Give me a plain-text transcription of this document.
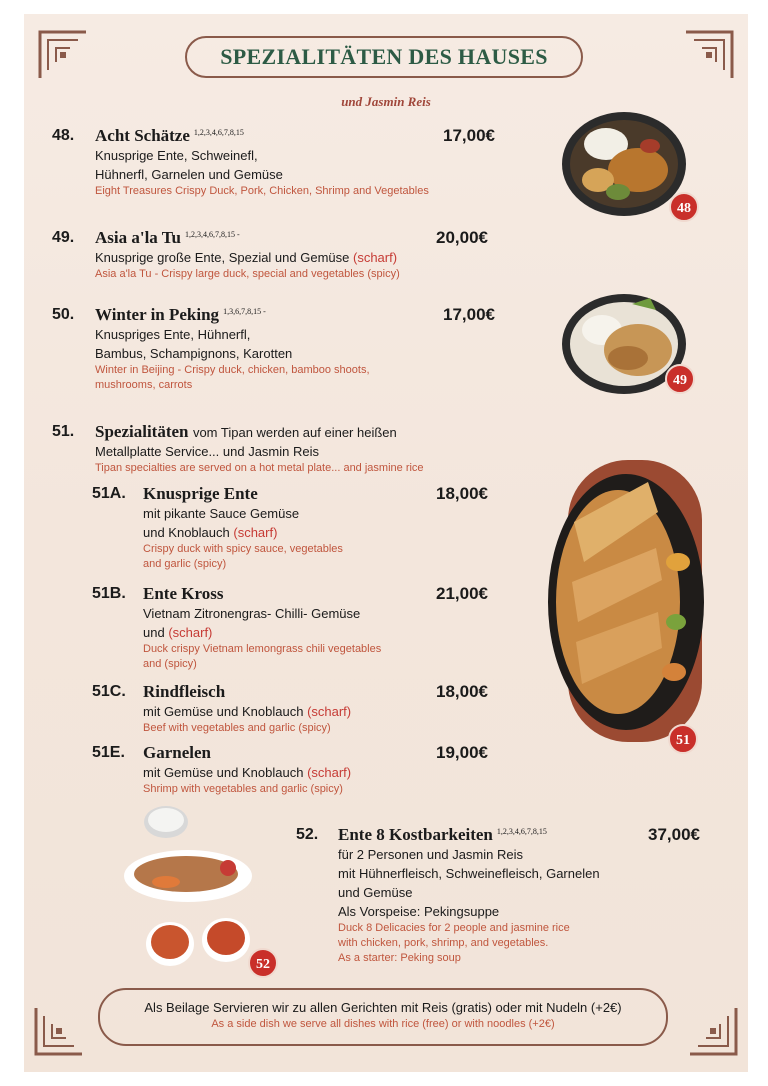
SPEZIALITÄTEN DES HAUSES
und Jasmin Reis
48. Acht Schätze $^{1,2,3,4,6,7,8,15}$
Knusprige Ente, Schweinefl,
Hühnerfl, Garnelen und Gemüse
Eight Treasures Crispy Duck, Pork, Chicken, Shrimp and Vegetables
17,00€
49. Asia a'la Tu $^{1,2,3,4,6,7,8,15 -}$
Knusprige große Ente, Spezial und Gemüse (scharf)
Asia a'la Tu - Crispy large duck, special and vegetables (spicy)
20,00€
50. Winter in Peking $^{1,3,6,7,8,15 -}$
Knuspriges Ente, Hühnerfl,
Bambus, Schampignons, Karotten
Winter in Beijing - Crispy duck, chicken, bamboo shoots,
mushrooms, carrots
17,00€
51. Spezialitäten vom Tipan werden auf einer heißen
Metallplatte Service... und Jasmin Reis
Tipan specialties are served on a hot metal plate... and jasmine rice
51A. Knusprige Ente
mit pikante Sauce Gemüse
und Knoblauch (scharf)
Crispy duck with spicy sauce, vegetables
and garlic (spicy)
18,00€
51B. Ente Kross
Vietnam Zitronengras- Chilli- Gemüse
und (scharf)
Duck crispy Vietnam lemongrass chili vegetables
and (spicy)
21,00€
51C. Rindfleisch
mit Gemüse und Knoblauch (scharf)
Beef with vegetables and garlic (spicy)
18,00€
51E. Garnelen
mit Gemüse und Knoblauch (scharf)
Shrimp with vegetables and garlic (spicy)
19,00€
52. Ente 8 Kostbarkeiten $^{1,2,3,4,6,7,8,15}$
für 2 Personen und Jasmin Reis
mit Hühnerfleisch, Schweinefleisch, Garnelen
und Gemüse
Als Vorspeise: Pekingsuppe
Duck 8 Delicacies for 2 people and jasmine rice
with chicken, pork, shrimp, and vegetables.
As a starter: Peking soup
37,00€
48
49
51
52
Als Beilage Servieren wir zu allen Gerichten mit Reis (gratis) oder mit Nudeln (+2€)
As a side dish we serve all dishes with rice (free) or with noodles (+2€)
